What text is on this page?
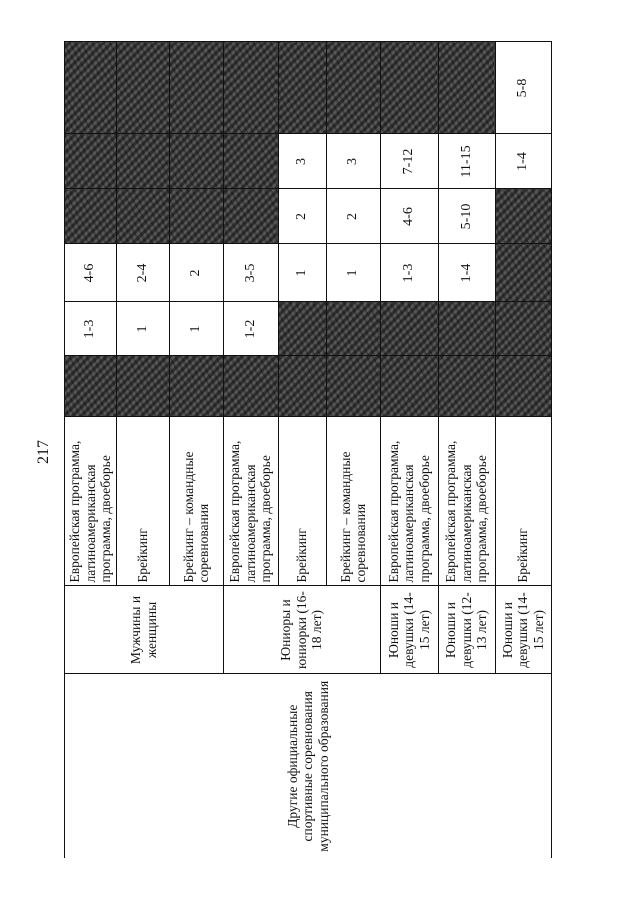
217
Другие официальные спортивные соревнования муниципального образования	Мужчины и женщины	Европейская программа, латиноамериканская программа, двоеборье		1-3	4-6			
		Брейкинг		1	2-4			
		Брейкинг – командные соревнования		1	2			
	Юниоры и юниорки (16-18 лет)	Европейская программа, латиноамериканская программа, двоеборье		1-2	3-5			
		Брейкинг			1	2	3	
		Брейкинг – командные соревнования			1	2	3	
	Юноши и девушки (14-15 лет)	Европейская программа, латиноамериканская программа, двоеборье			1-3	4-6	7-12	
	Юноши и девушки (12-13 лет)	Европейская программа, латиноамериканская программа, двоеборье			1-4	5-10	11-15	
	Юноши и девушки (14-15 лет)	Брейкинг					1-4	5-8
